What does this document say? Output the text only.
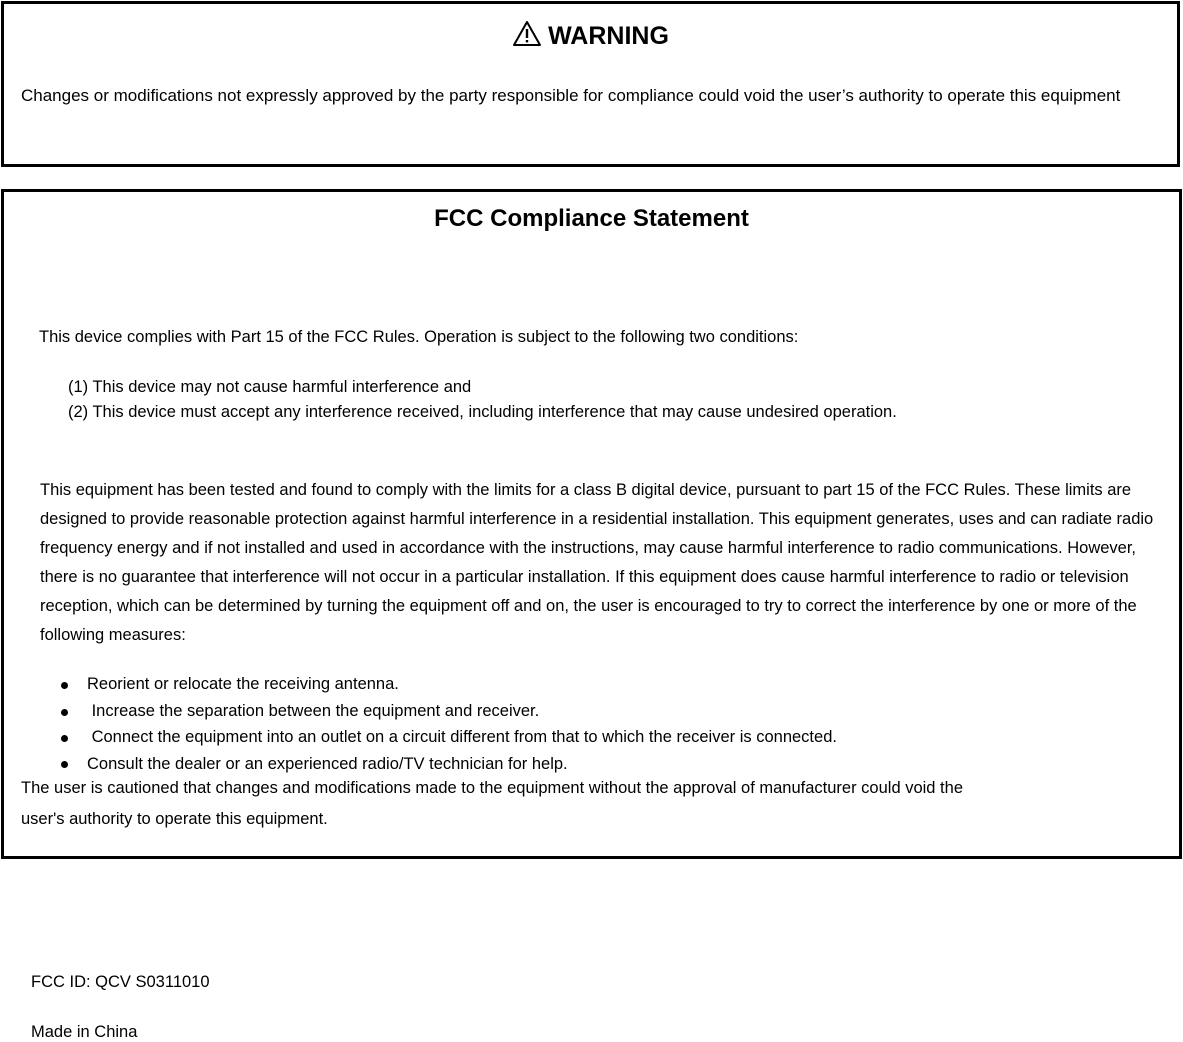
WARNING
Changes or modifications not expressly approved by the party responsible for compliance could void the user’s authority to operate this equipment
FCC Compliance Statement
This device complies with Part 15 of the FCC Rules. Operation is subject to the following two conditions:
(1) This device may not cause harmful interference and
(2) This device must accept any interference received, including interference that may cause undesired operation.
This equipment has been tested and found to comply with the limits for a class B digital device, pursuant to part 15 of the FCC Rules. These limits are designed to provide reasonable protection against harmful interference in a residential installation. This equipment generates, uses and can radiate radio frequency energy and if not installed and used in accordance with the instructions, may cause harmful interference to radio communications. However, there is no guarantee that interference will not occur in a particular installation. If this equipment does cause harmful interference to radio or television reception, which can be determined by turning the equipment off and on, the user is encouraged to try to correct the interference by one or more of the following measures:
Reorient or relocate the receiving antenna.
Increase the separation between the equipment and receiver.
Connect the equipment into an outlet on a circuit different from that to which the receiver is connected.
Consult the dealer or an experienced radio/TV technician for help.
The user is cautioned that changes and modifications made to the equipment without the approval of manufacturer could void the
user's authority to operate this equipment.
FCC ID: QCV S0311010
Made in China
